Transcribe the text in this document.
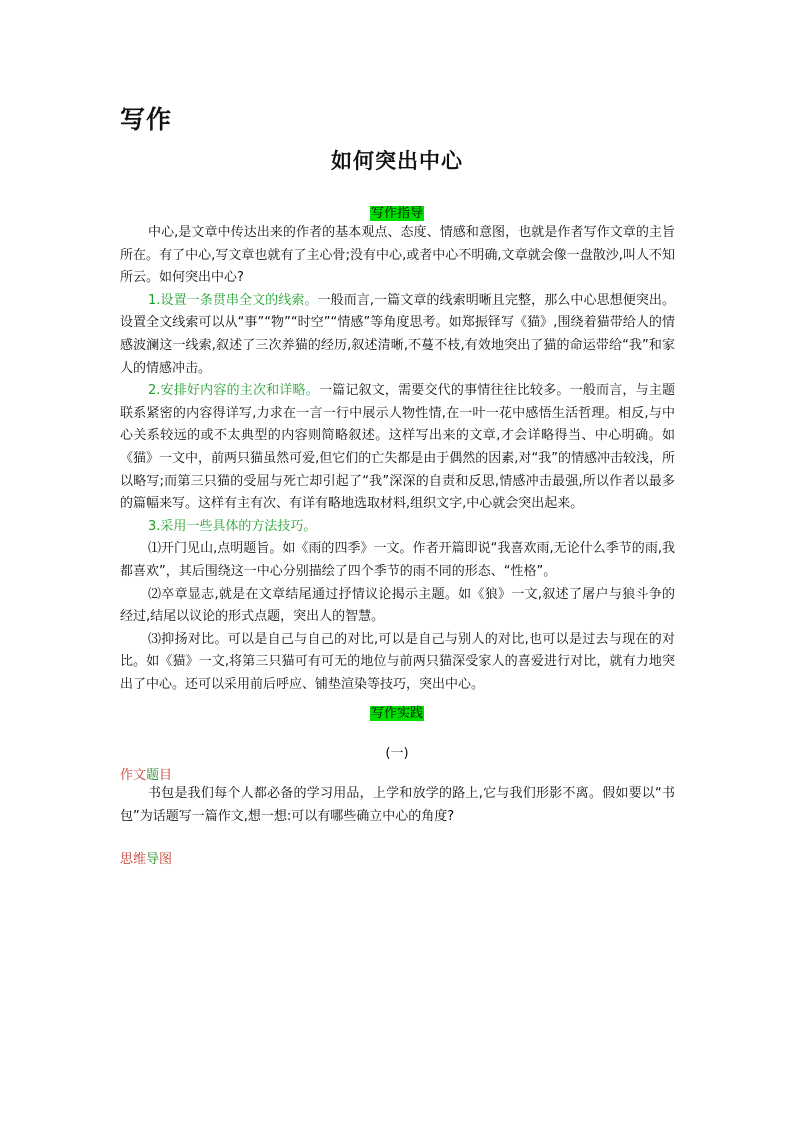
写作
如何突出中心
写作指导

中心,是文章中传达出来的作者的基本观点、态度、情感和意图，也就是作者写作文章的主旨所在。有了中心,写文章也就有了主心骨;没有中心,或者中心不明确,文章就会像一盘散沙,叫人不知所云。如何突出中心?

1.设置一条贯串全文的线索。一般而言,一篇文章的线索明晰且完整，那么中心思想便突出。设置全文线索可以从“事”“物”“时空”“情感”等角度思考。如郑振铎写《猫》,围绕着猫带给人的情感波澜这一线索,叙述了三次养猫的经历,叙述清晰,不蔓不枝,有效地突出了猫的命运带给“我”和家人的情感冲击。

2.安排好内容的主次和详略。一篇记叙文，需要交代的事情往往比较多。一般而言，与主题联系紧密的内容得详写,力求在一言一行中展示人物性情,在一叶一花中感悟生活哲理。相反,与中心关系较远的或不太典型的内容则简略叙述。这样写出来的文章,才会详略得当、中心明确。如《猫》一文中，前两只猫虽然可爱,但它们的亡失都是由于偶然的因素,对“我”的情感冲击较浅，所以略写;而第三只猫的受屈与死亡却引起了“我”深深的自责和反思,情感冲击最强,所以作者以最多的篇幅来写。这样有主有次、有详有略地选取材料,组织文字,中心就会突出起来。

3.采用一些具体的方法技巧。

⑴开门见山,点明题旨。如《雨的四季》一文。作者开篇即说“我喜欢雨,无论什么季节的雨,我都喜欢”，其后围绕这一中心分别描绘了四个季节的雨不同的形态、“性格”。

⑵卒章显志,就是在文章结尾通过抒情议论揭示主题。如《狼》一文,叙述了屠户与狼斗争的经过,结尾以议论的形式点题，突出人的智慧。

⑶抑扬对比。可以是自己与自己的对比,可以是自己与别人的对比,也可以是过去与现在的对比。如《猫》一文,将第三只猫可有可无的地位与前两只猫深受家人的喜爱进行对比，就有力地突出了中心。还可以采用前后呼应、铺垫渲染等技巧，突出中心。

写作实践
(一)
作文题目

书包是我们每个人都必备的学习用品，上学和放学的路上,它与我们形影不离。假如要以“书包”为话题写一篇作文,想一想:可以有哪些确立中心的角度?

思维导图
